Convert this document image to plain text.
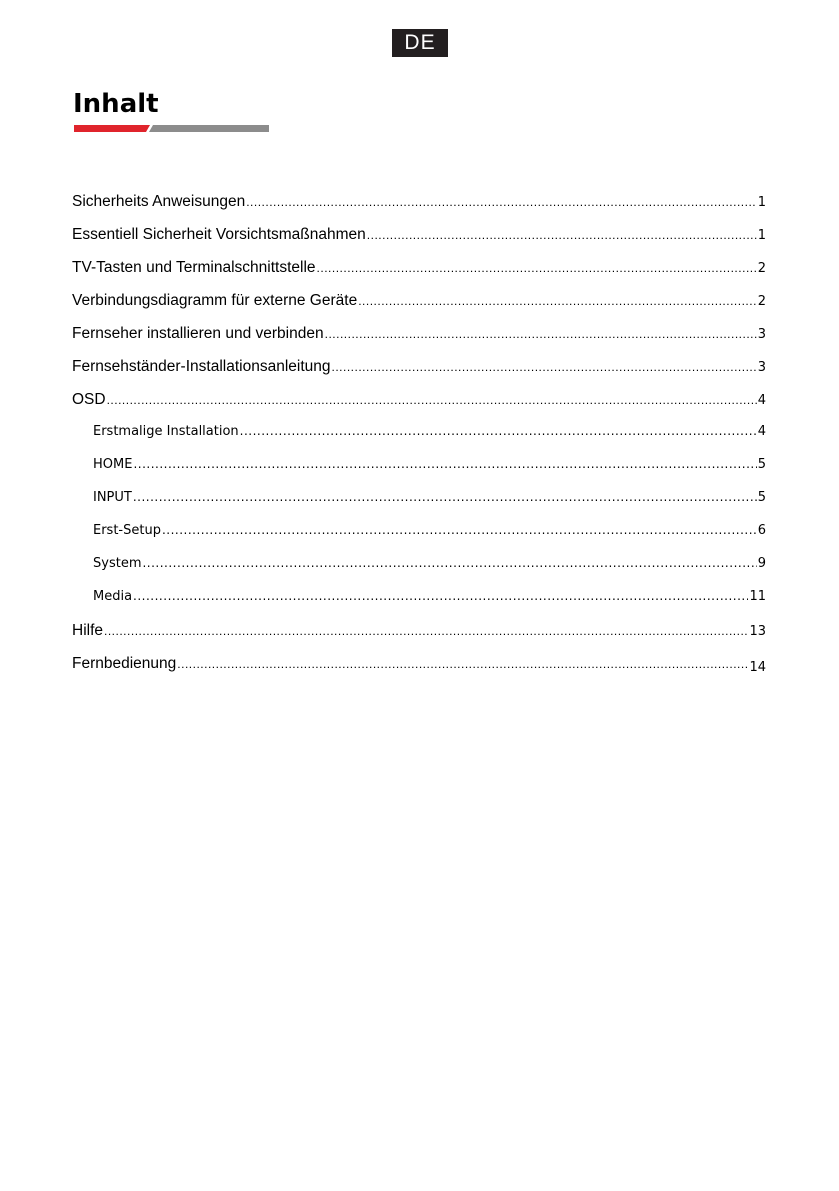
DE
Inhalt
Sicherheits Anweisungen .....	1
Essentiell Sicherheit Vorsichtsmaßnahmen .....	1
TV-Tasten und Terminalschnittstelle .....	2
Verbindungsdiagramm für externe Geräte .....	2
Fernseher installieren und verbinden .....	3
Fernsehständer-Installationsanleitung .....	3
OSD .....	4
Erstmalige Installation .....	4
HOME .....	5
INPUT .....	5
Erst-Setup .....	6
System .....	9
Media .....	11
Hilfe .....	13
Fernbedienung .....	14
